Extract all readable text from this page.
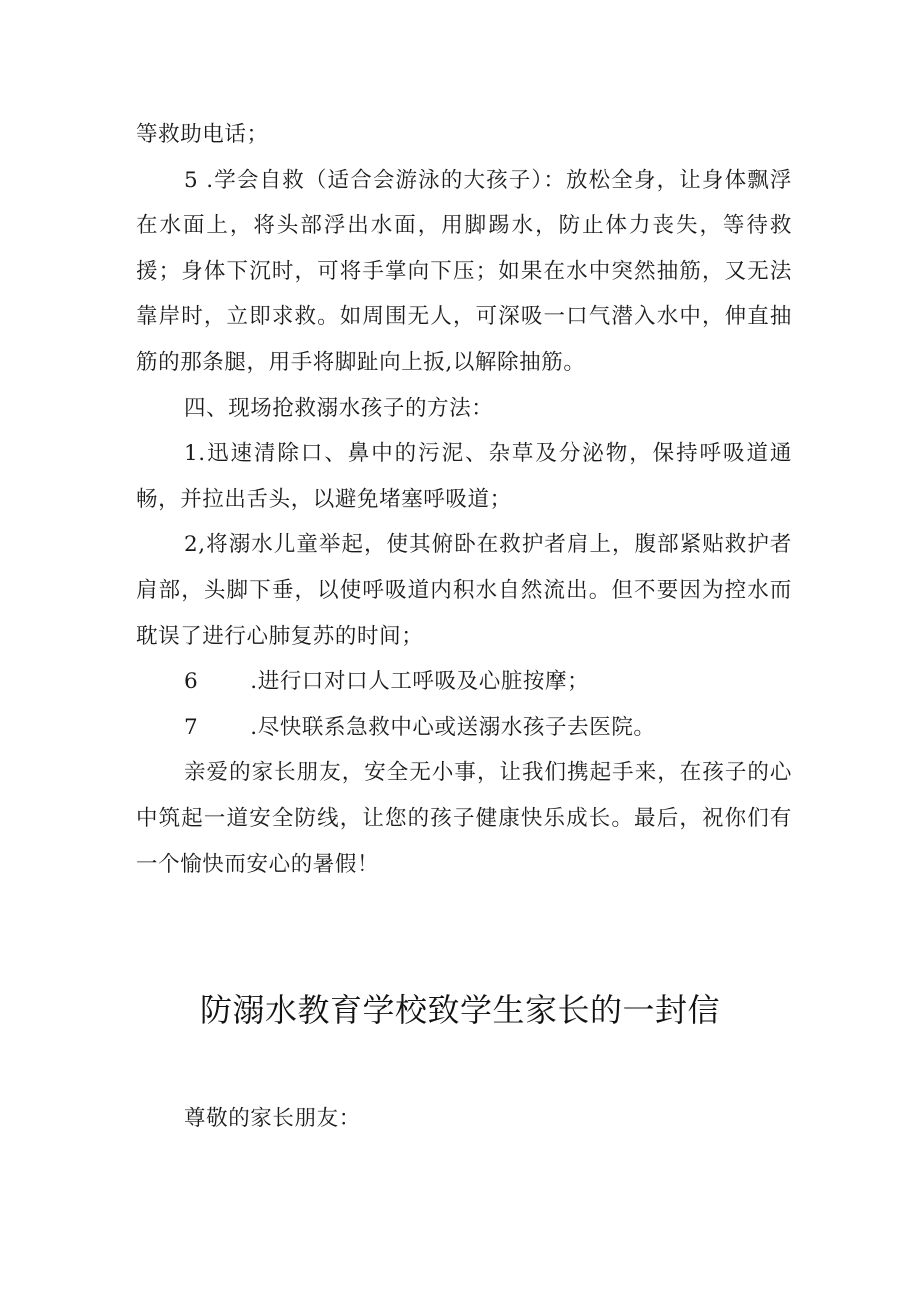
等救助电话；

5 .学会自救（适合会游泳的大孩子）：放松全身，让身体飘浮在水面上，将头部浮出水面，用脚踢水，防止体力丧失，等待救援；身体下沉时，可将手掌向下压；如果在水中突然抽筋，又无法靠岸时，立即求救。如周围无人，可深吸一口气潜入水中，伸直抽筋的那条腿，用手将脚趾向上扳,以解除抽筋。

四、现场抢救溺水孩子的方法：

1.迅速清除口、鼻中的污泥、杂草及分泌物，保持呼吸道通畅，并拉出舌头，以避免堵塞呼吸道；

2,将溺水儿童举起，使其俯卧在救护者肩上，腹部紧贴救护者肩部，头脚下垂，以使呼吸道内积水自然流出。但不要因为控水而耽误了进行心肺复苏的时间；

6 .进行口对口人工呼吸及心脏按摩；

7 .尽快联系急救中心或送溺水孩子去医院。

亲爱的家长朋友，安全无小事，让我们携起手来，在孩子的心中筑起一道安全防线，让您的孩子健康快乐成长。最后，祝你们有一个愉快而安心的暑假！

防溺水教育学校致学生家长的一封信
尊敬的家长朋友：
